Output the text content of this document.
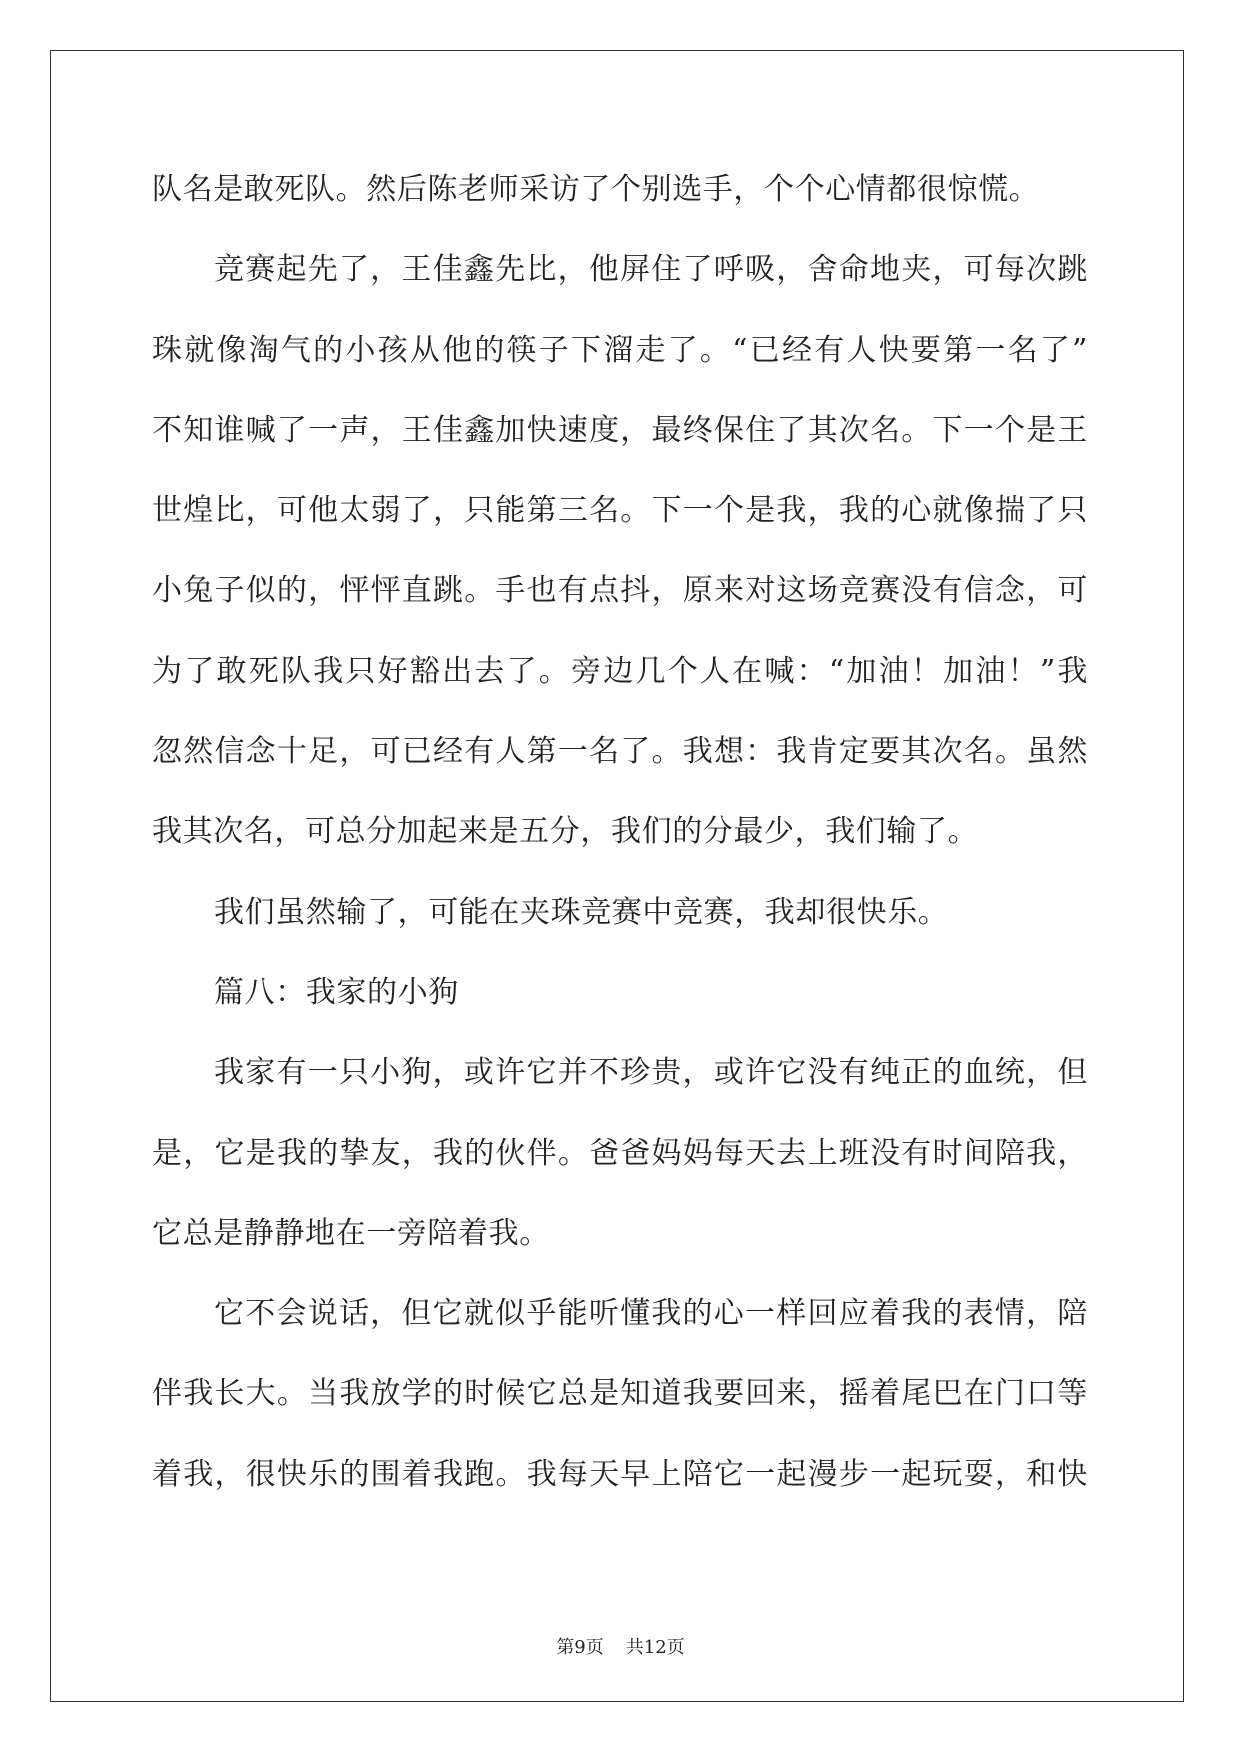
队名是敢死队。然后陈老师采访了个别选手，个个心情都很惊慌。
竞赛起先了，王佳鑫先比，他屏住了呼吸，舍命地夹，可每次跳
珠就像淘气的小孩从他的筷子下溜走了。“已经有人快要第一名了”
不知谁喊了一声，王佳鑫加快速度，最终保住了其次名。下一个是王
世煌比，可他太弱了，只能第三名。下一个是我，我的心就像揣了只
小兔子似的，怦怦直跳。手也有点抖，原来对这场竞赛没有信念，可
为了敢死队我只好豁出去了。旁边几个人在喊：“加油！加油！”我
忽然信念十足，可已经有人第一名了。我想：我肯定要其次名。虽然
我其次名，可总分加起来是五分，我们的分最少，我们输了。
我们虽然输了，可能在夹珠竞赛中竞赛，我却很快乐。
篇八：我家的小狗
我家有一只小狗，或许它并不珍贵，或许它没有纯正的血统，但
是，它是我的挚友，我的伙伴。爸爸妈妈每天去上班没有时间陪我，
它总是静静地在一旁陪着我。
它不会说话，但它就似乎能听懂我的心一样回应着我的表情，陪
伴我长大。当我放学的时候它总是知道我要回来，摇着尾巴在门口等
着我，很快乐的围着我跑。我每天早上陪它一起漫步一起玩耍，和快
第9页 共12页
